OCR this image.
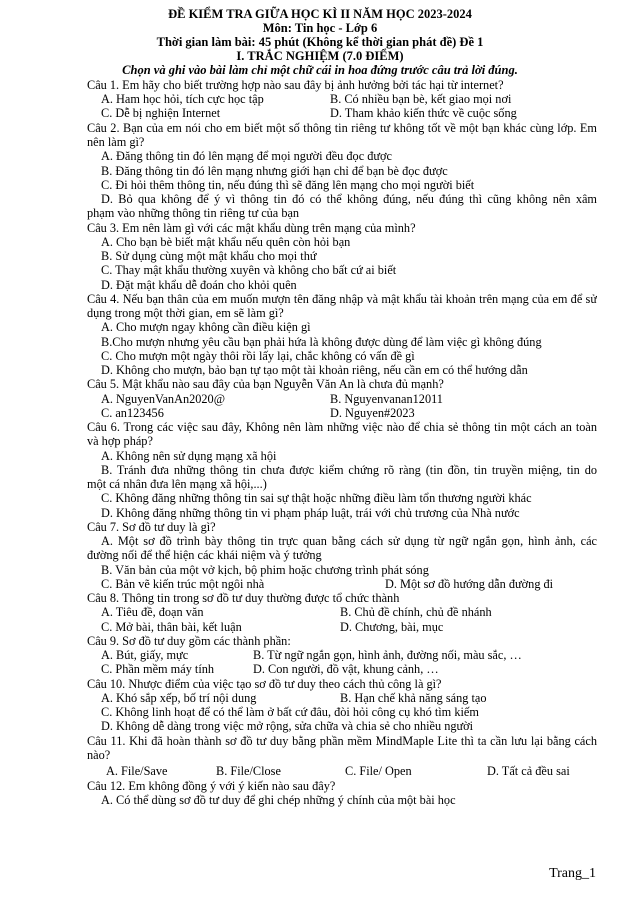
ĐỀ KIỂM TRA GIỮA HỌC KÌ II NĂM HỌC 2023-2024
Môn: Tin học - Lớp 6
Thời gian làm bài: 45 phút (Không kể thời gian phát đề) Đề 1
I. TRẮC NGHIỆM (7.0 ĐIỂM)
Chọn và ghi vào bài làm chỉ một chữ cái in hoa đứng trước câu trả lời đúng.
Câu 1. Em hãy cho biết trường hợp nào sau đây bị ảnh hưởng bởi tác hại từ internet?
A. Ham học hỏi, tích cực học tập	B. Có nhiều bạn bè, kết giao mọi nơi
C. Dễ bị nghiện Internet	D. Tham khảo kiến thức về cuộc sống
Câu 2. Bạn của em nói cho em biết một số thông tin riêng tư không tốt về một bạn khác cùng lớp. Em
nên làm gì?
A. Đăng thông tin đó lên mạng để mọi người đều đọc được
B. Đăng thông tin đó lên mạng nhưng giới hạn chỉ để bạn bè đọc được
C. Đi hỏi thêm thông tin, nếu đúng thì sẽ đăng lên mạng cho mọi người biết
D. Bỏ qua không để ý vì thông tin đó có thể không đúng, nếu đúng thì cũng không nên xâm
phạm vào những thông tin riêng tư của bạn
Câu 3. Em nên làm gì với các mật khẩu dùng trên mạng của mình?
A. Cho bạn bè biết mật khẩu nếu quên còn hỏi bạn
B. Sử dụng cùng một mật khẩu cho mọi thứ
C. Thay mật khẩu thường xuyên và không cho bất cứ ai biết
D. Đặt mật khẩu dễ đoán cho khỏi quên
Câu 4. Nếu bạn thân của em muốn mượn tên đăng nhập và mật khẩu tài khoản trên mạng của em để sử
dụng trong một thời gian, em sẽ làm gì?
A. Cho mượn ngay không cần điều kiện gì
B.Cho mượn nhưng yêu cầu bạn phải hứa là không được dùng để làm việc gì không đúng
C. Cho mượn một ngày thôi rồi lấy lại, chắc không có vấn đề gì
D. Không cho mượn, bảo bạn tự tạo một tài khoản riêng, nếu cần em có thể hướng dẫn
Câu 5. Mật khẩu nào sau đây của bạn Nguyễn Văn An là chưa đủ mạnh?
A. NguyenVanAn2020@	B. Nguyenvanan12011
C. an123456	D. Nguyen#2023
Câu 6. Trong các việc sau đây, Không nên làm những việc nào để chia sẻ thông tin một cách an toàn
và hợp pháp?
A. Không nên sử dụng mạng xã hội
B. Tránh đưa những thông tin chưa được kiểm chứng rõ ràng (tin đồn, tin truyền miệng, tin do
một cá nhân đưa lên mạng xã hội,...)
C. Không đăng những thông tin sai sự thật hoặc những điều làm tổn thương người khác
D. Không đăng những thông tin vi phạm pháp luật, trái với chủ trương của Nhà nước
Câu 7. Sơ đồ tư duy là gì?
A. Một sơ đồ trình bày thông tin trực quan bằng cách sử dụng từ ngữ ngắn gọn, hình ảnh, các
đường nối để thể hiện các khái niệm và ý tưởng
B. Văn bản của một vở kịch, bộ phim hoặc chương trình phát sóng
C. Bản vẽ kiến trúc một ngôi nhà	D. Một sơ đồ hướng dẫn đường đi
Câu 8. Thông tin trong sơ đồ tư duy thường được tổ chức thành
A. Tiêu đề, đoạn văn	B. Chủ đề chính, chủ đề nhánh
C. Mở bài, thân bài, kết luận	D. Chương, bài, mục
Câu 9. Sơ đồ tư duy gồm các thành phần:
A. Bút, giấy, mực	B. Từ ngữ ngắn gọn, hình ảnh, đường nối, màu sắc, …
C. Phần mềm máy tính	D. Con người, đồ vật, khung cảnh, …
Câu 10. Nhược điểm của việc tạo sơ đồ tư duy theo cách thủ công là gì?
A. Khó sắp xếp, bố trí nội dung	B. Hạn chế khả năng sáng tạo
C. Không linh hoạt để có thể làm ở bất cứ đâu, đòi hỏi công cụ khó tìm kiếm
D. Không dễ dàng trong việc mở rộng, sửa chữa và chia sẻ cho nhiều người
Câu 11. Khi đã hoàn thành sơ đồ tư duy bằng phần mềm MindMaple Lite thì ta cần lưu lại bằng cách
nào?
A. File/Save	B. File/Close	C. File/ Open	D. Tất cả đều sai
Câu 12. Em không đồng ý với ý kiến nào sau đây?
A. Có thể dùng sơ đồ tư duy để ghi chép những ý chính của một bài học
Trang_1
